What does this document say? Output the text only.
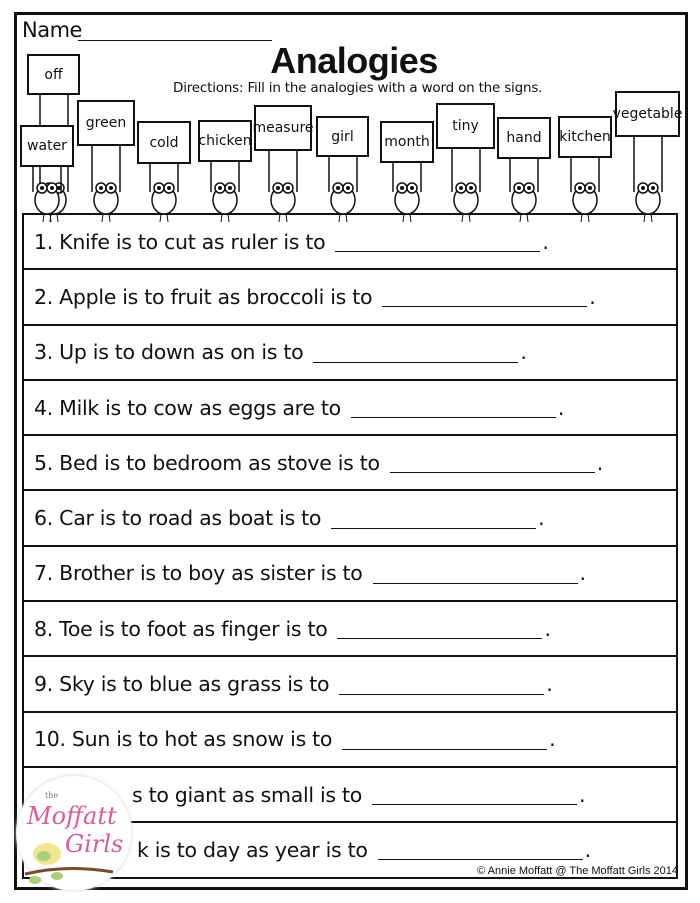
Name
Analogies
Directions: Fill in the analogies with a word on the signs.
off
water
green
cold	chicken
measure
girl	month
tiny
hand	kitchen
vegetable
1. Knife is to cut as ruler is to	.
2. Apple is to fruit as broccoli is to	.
3. Up is to down as on is to	.
4. Milk is to cow as eggs are to	.
5. Bed is to bedroom as stove is to	.
6. Car is to road as boat is to	.
7. Brother is to boy as sister is to	.
8. Toe is to foot as finger is to	.
9. Sky is to blue as grass is to	.
10. Sun is to hot as snow is to	.
s to giant as small is to	.
k is to day as year is to	.
the
Moffatt
Girls
© Annie Moffatt @ The Moffatt Girls 2014
